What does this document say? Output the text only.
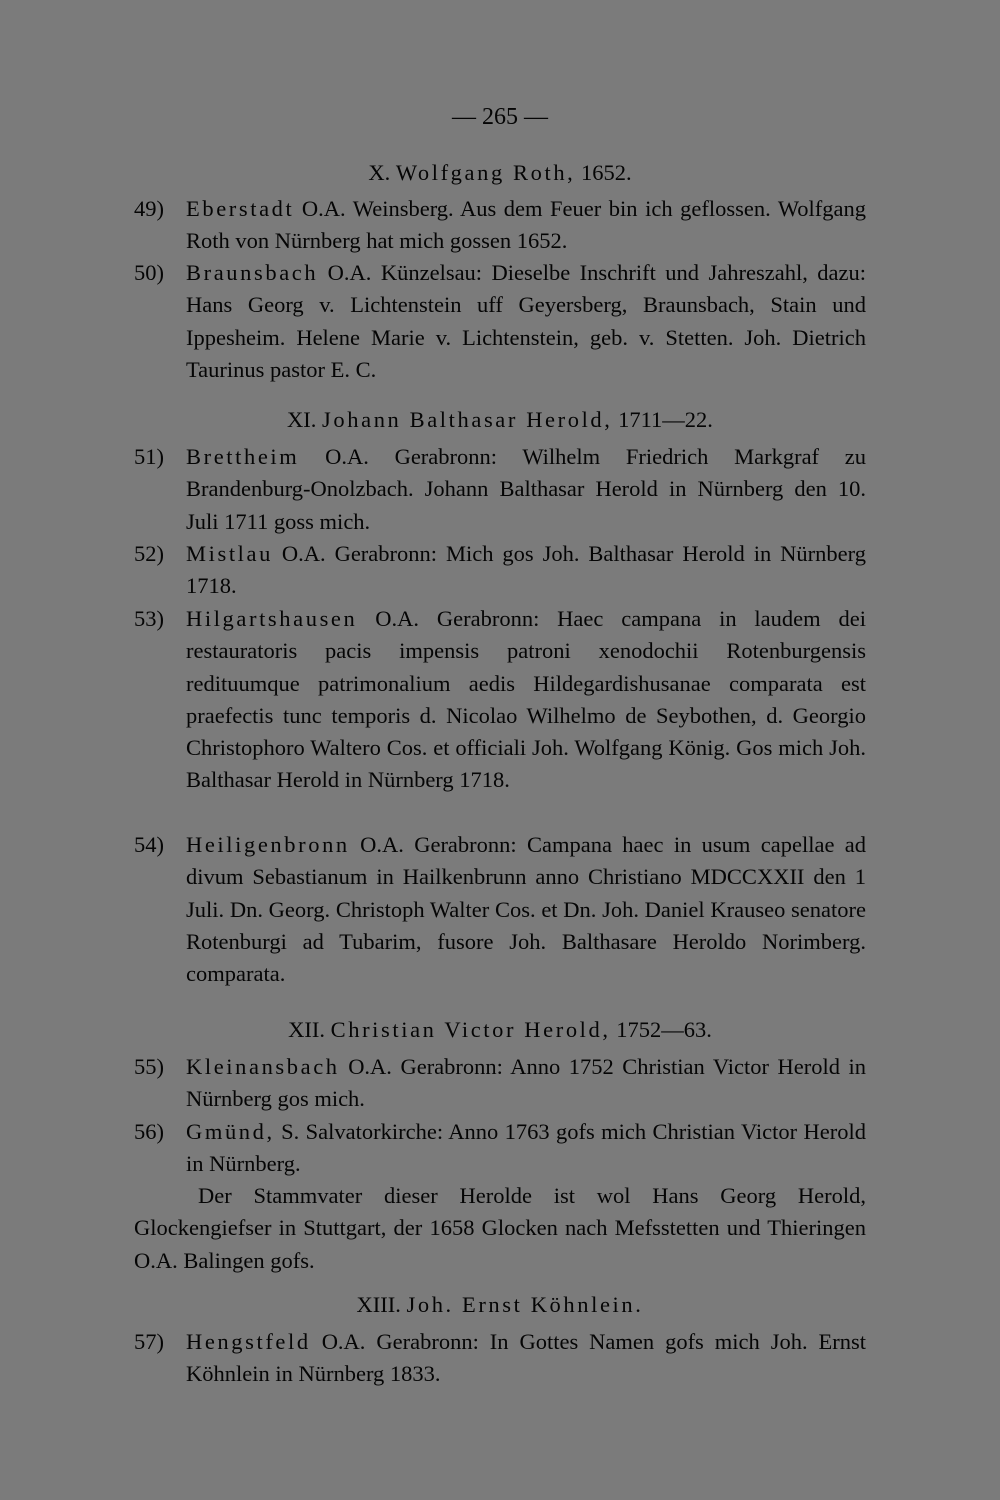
— 265 —
X. Wolfgang Roth, 1652.
49) Eberstadt O.A. Weinsberg. Aus dem Feuer bin ich geflossen. Wolfgang Roth von Nürnberg hat mich gossen 1652.
50) Braunsbach O.A. Künzelsau: Dieselbe Inschrift und Jahreszahl, dazu: Hans Georg v. Lichtenstein uff Geyersberg, Braunsbach, Stain und Ippesheim. Helene Marie v. Lichtenstein, geb. v. Stetten. Joh. Dietrich Taurinus pastor E. C.
XI. Johann Balthasar Herold, 1711—22.
51) Brettheim O.A. Gerabronn: Wilhelm Friedrich Markgraf zu Brandenburg-Onolzbach. Johann Balthasar Herold in Nürnberg den 10. Juli 1711 goss mich.
52) Mistlau O.A. Gerabronn: Mich gos Joh. Balthasar Herold in Nürnberg 1718.
53) Hilgartshausen O.A. Gerabronn: Haec campana in laudem dei restauratoris pacis impensis patroni xenodochii Rotenburgensis redituumque patrimonalium aedis Hildegardishusanae comparata est praefectis tunc temporis d. Nicolao Wilhelmo de Seybothen, d. Georgio Christophoro Waltero Cos. et officiali Joh. Wolfgang König. Gos mich Joh. Balthasar Herold in Nürnberg 1718.
54) Heiligenbronn O.A. Gerabronn: Campana haec in usum capellae ad divum Sebastianum in Hailkenbrunn anno Christiano MDCCXXII den 1 Juli. Dn. Georg. Christoph Walter Cos. et Dn. Joh. Daniel Krauseo senatore Rotenburgi ad Tubarim, fusore Joh. Balthasare Heroldo Norimberg. comparata.
XII. Christian Victor Herold, 1752—63.
55) Kleinansbach O.A. Gerabronn: Anno 1752 Christian Victor Herold in Nürnberg gos mich.
56) Gmünd, S. Salvatorkirche: Anno 1763 gofs mich Christian Victor Herold in Nürnberg.
Der Stammvater dieser Herolde ist wol Hans Georg Herold, Glockengiefser in Stuttgart, der 1658 Glocken nach Mefsstetten und Thieringen O.A. Balingen gofs.
XIII. Joh. Ernst Köhnlein.
57) Hengstfeld O.A. Gerabronn: In Gottes Namen gofs mich Joh. Ernst Köhnlein in Nürnberg 1833.
